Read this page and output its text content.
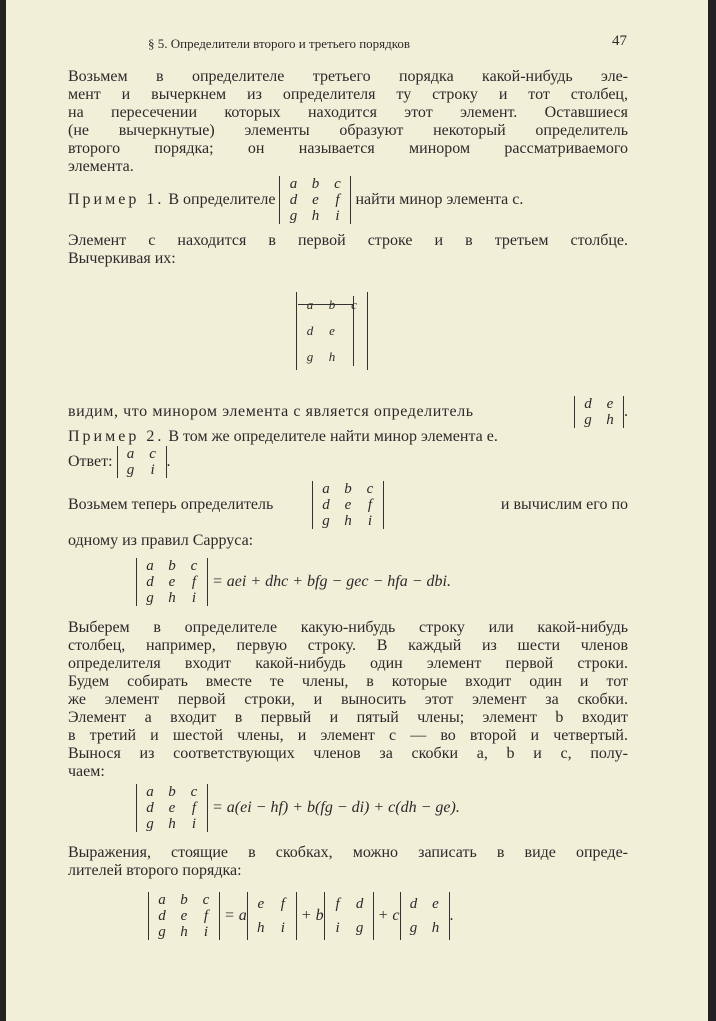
§ 5. Определители второго и третьего порядков	47
Возьмем в определителе третьего порядка какой-нибудь эле-
мент и вычеркнем из определителя ту строку и тот столбец,
на пересечении которых находится этот элемент. Оставшиеся
(не вычеркнутые) элементы образуют некоторый определитель
второго порядка; он называется минором рассматриваемого
элемента.
Пример 1.
В определителе

a b c
d e	f
g h	i

найти минор элемента c.
Элемент c находится в первой строке и в третьем столбце.
Вычеркивая их:
a	b	c
d	e
g	h
видим, что минором элемента c является определитель	d e
g h .
Пример 2.
В том же определителе найти минор элемента e.
Ответ:
a c
g	i .
Возьмем теперь определитель
a b c
d e	f
g h	i
и вычислим его по
одному из правил Сарруса:
a b c
d e	f
g h	i

= aei + dhc + bfg − gec − hfa − dbi.
Выберем в определителе какую-нибудь строку или какой-нибудь
столбец, например, первую строку. В каждый из шести членов
определителя входит какой-нибудь один элемент первой строки.
Будем собирать вместе те члены, в которые входит один и тот
же элемент первой строки, и выносить этот элемент за скобки.
Элемент a входит в первый и пятый члены; элемент b входит
в третий и шестой члены, и элемент c — во второй и четвертый.
Вынося из соответствующих членов за скобки a, b и c, полу-
чаем:
a b c
d e	f
g h	i

= a(ei − hf) + b(fg − di) + c(dh − ge).
Выражения, стоящие в скобках, можно записать в виде опреде-
лителей второго порядка:
a b c
d e	f
g h	i

= a
e	f
h	i

+ b
f	d
i	g

+ c
d e
g h
.
